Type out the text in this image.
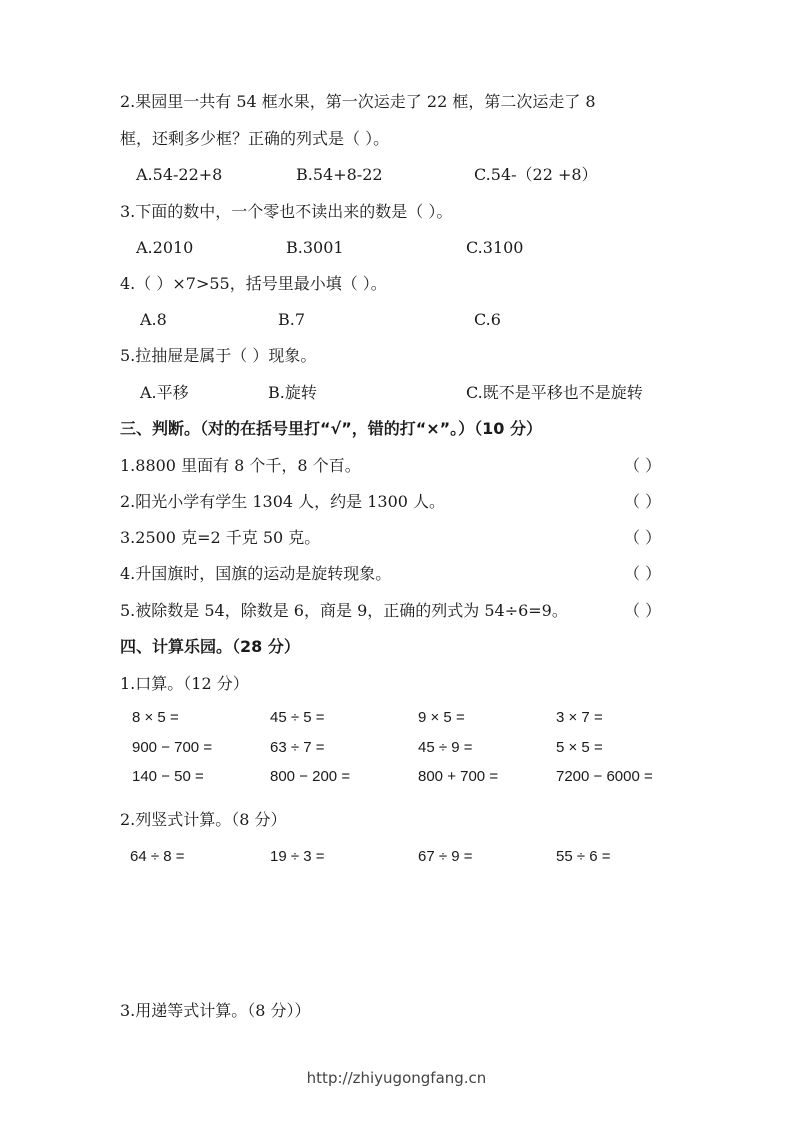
2.果园里一共有 54 框水果，第一次运走了 22 框，第二次运走了 8
框，还剩多少框？正确的列式是（ ）。
A.54-22+8	B.54+8-22	C.54-（22 +8）
3.下面的数中，一个零也不读出来的数是（ ）。
A.2010	B.3001	C.3100
4.（ ）×7>55，括号里最小填（ ）。
A.8	B.7	C.6
5.拉抽屉是属于（ ）现象。
A.平移	B.旋转	C.既不是平移也不是旋转
三、判断。（对的在括号里打“√”，错的打“×”。）（10 分）
1.8800 里面有 8 个千，8 个百。	（ ）
2.阳光小学有学生 1304 人，约是 1300 人。	（ ）
3.2500 克=2 千克 50 克。	（ ）
4.升国旗时，国旗的运动是旋转现象。	（ ）
5.被除数是 54，除数是 6，商是 9，正确的列式为 54÷6=9。	（ ）
四、计算乐园。（28 分）
1.口算。（12 分）
8 × 5 =	45 ÷ 5 =	9 × 5 =	3 × 7 =
900 − 700 =	63 ÷ 7 =	45 ÷ 9 =	5 × 5 =
140 − 50 =	800 − 200 =	800 + 700 =	7200 − 6000 =
2.列竖式计算。（8 分）
64 ÷ 8 =	19 ÷ 3 =	67 ÷ 9 =	55 ÷ 6 =
3.用递等式计算。（8 分））
http://zhiyugongfang.cn
